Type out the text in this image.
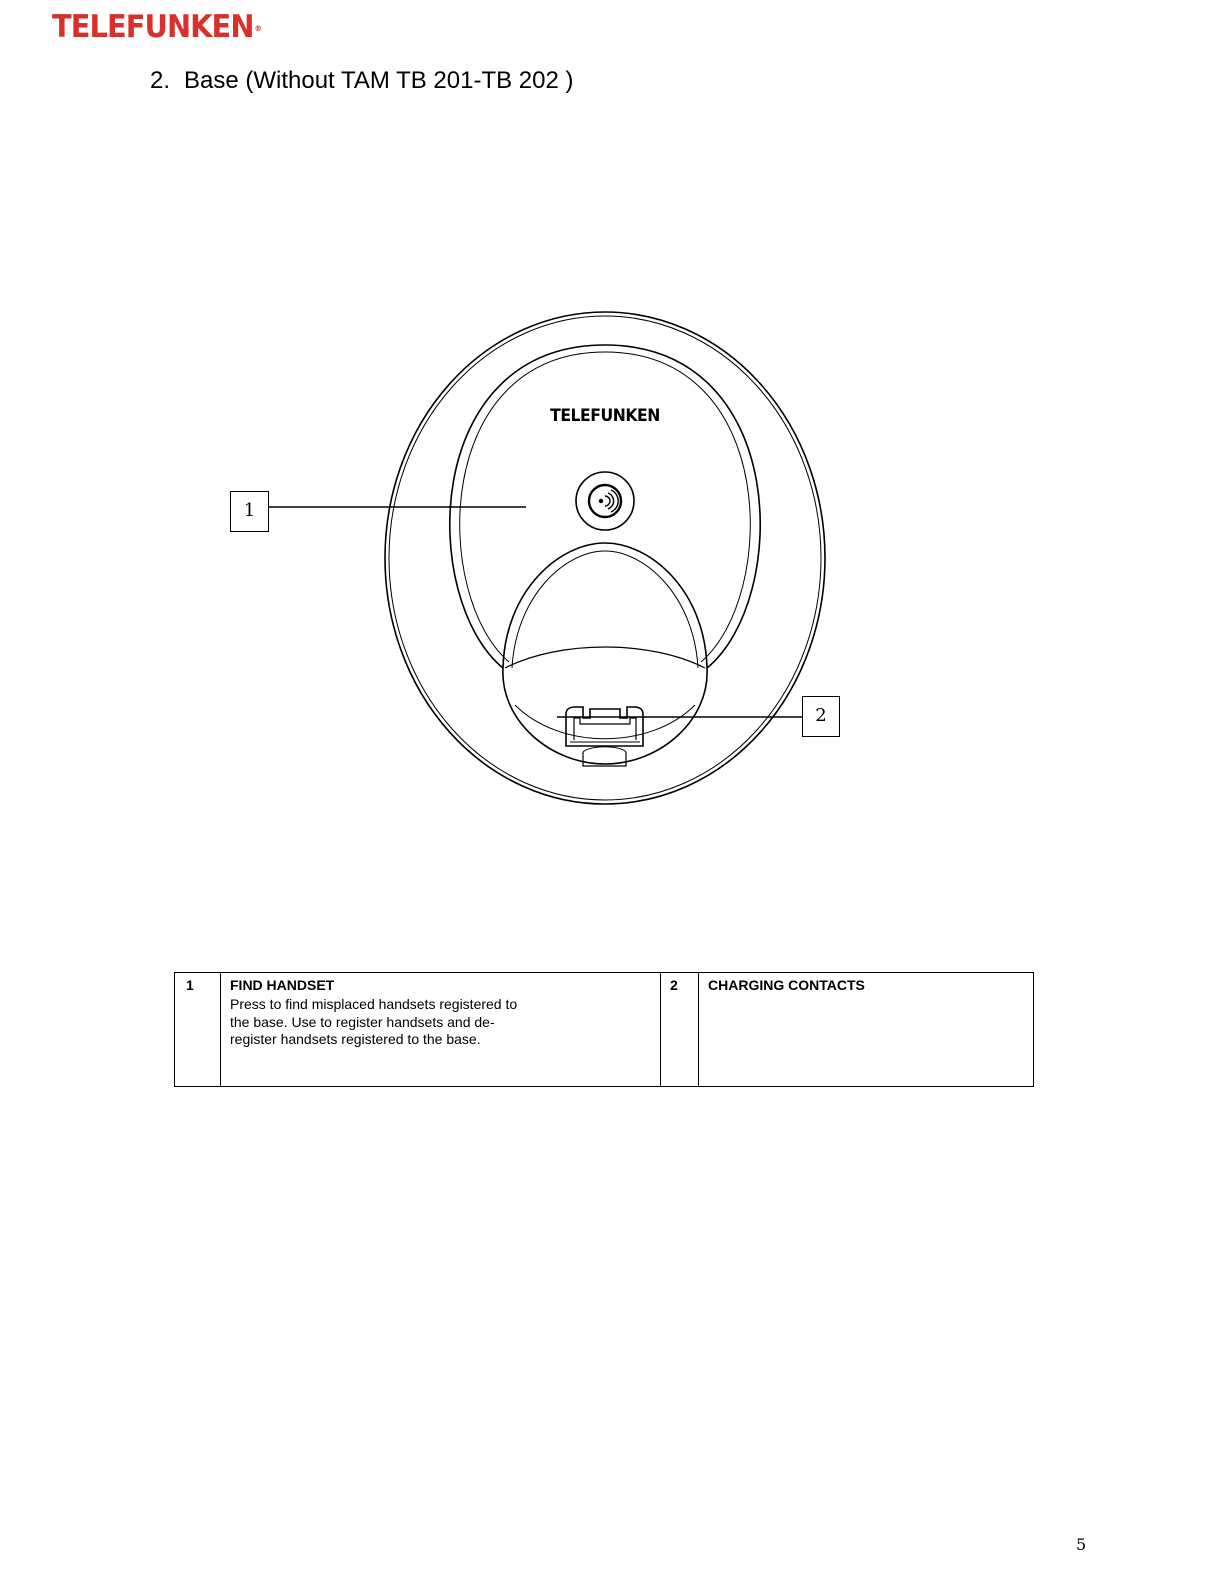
TELEFUNKEN®
2. Base (Without TAM TB 201-TB 202 )
TELEFUNKEN
1
2
1	FIND HANDSET
Press to find misplaced handsets registered to the base. Use to register handsets and de-register handsets registered to the base.
	2	CHARGING CONTACTS
5
